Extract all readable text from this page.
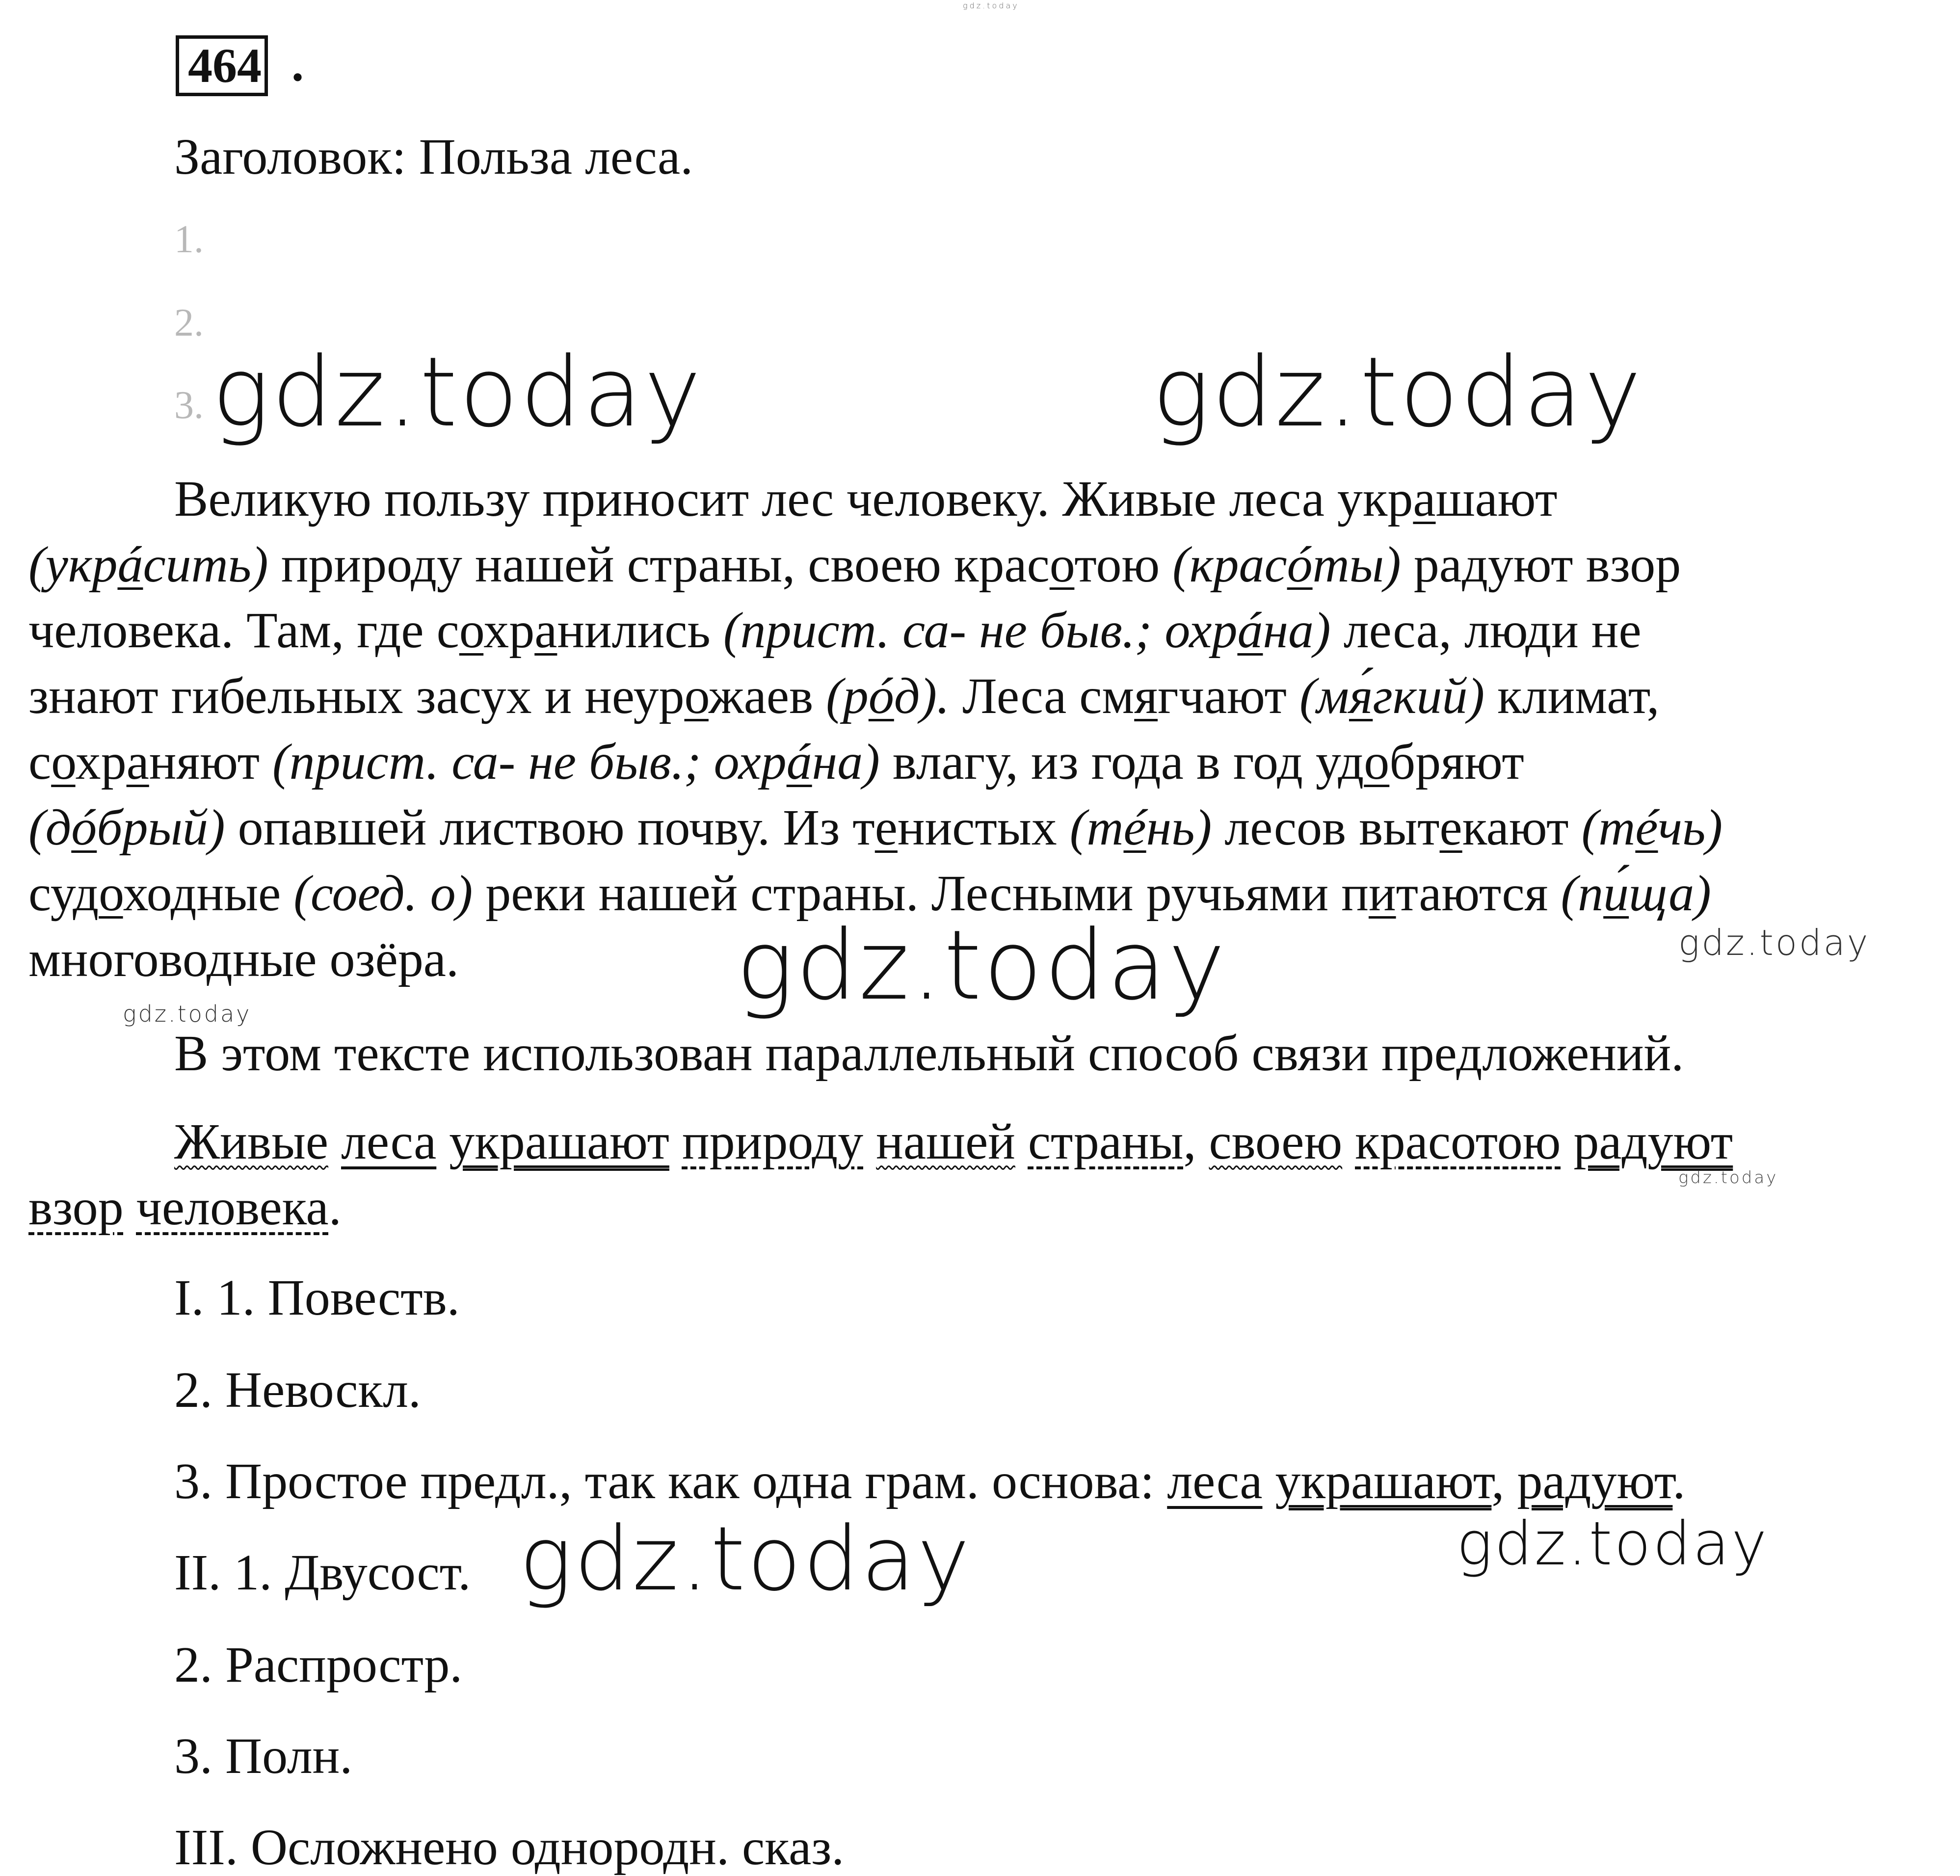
gdz.today
464 .
Заголовок: Польза леса.
1.
2.
3. gdz.today	gdz.today
Великую пользу приносит лес человеку. Живые леса украшают
(укрáсить) природу нашей страны, своею красотою (красóты) радуют взор
человека. Там, где сохранились (прист. са- не быв.; охрáна) леса, люди не
знают гибельных засух и неурожаев (рóд). Леса смягчают (мя́гкий) климат,
сохраняют (прист. са- не быв.; охрáна) влагу, из года в год удобряют
(дóбрый) опавшей листвою почву. Из тенистых (тéнь) лесов вытекают (тéчь)
судоходные (соед. о) реки нашей страны. Лесными ручьями питаются (пи́ща)
многоводные озёра.	gdz.today
gdz.today
gdz.today
В этом тексте использован параллельный способ связи предложений.
Живые леса украшают природу нашей страны, своею красотою радуют
gdz.today
взор человека.
I. 1. Повеств.
2. Невоскл.
3. Простое предл., так как одна грам. основа: леса украшают, радуют.
gdz.today
II. 1. Двусост. gdz.today
2. Распростр.
3. Полн.
III. Осложнено однородн. сказ.
